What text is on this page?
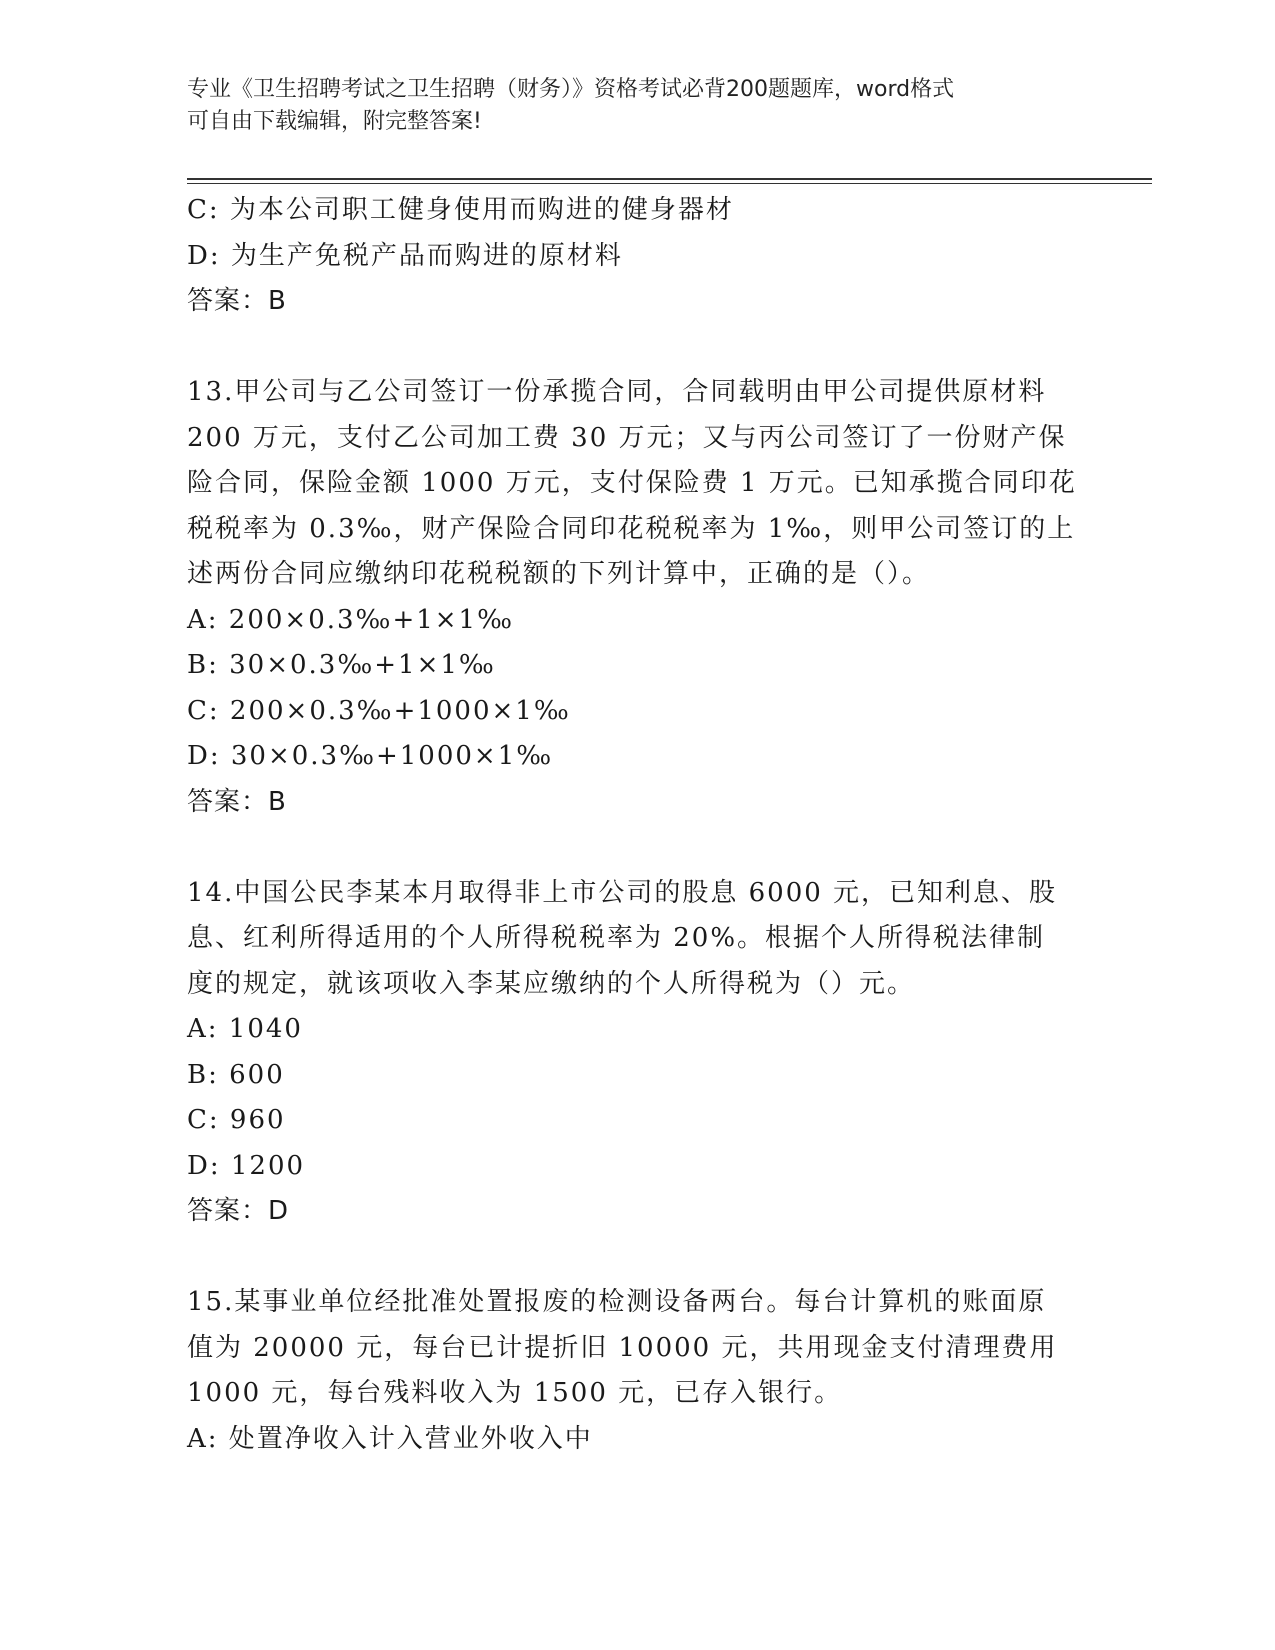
专业《卫生招聘考试之卫生招聘（财务）》资格考试必背200题题库，word格式
可自由下载编辑，附完整答案!
C: 为本公司职工健身使用而购进的健身器材
D: 为生产免税产品而购进的原材料
答案：B
13.甲公司与乙公司签订一份承揽合同，合同载明由甲公司提供原材料
200 万元，支付乙公司加工费 30 万元；又与丙公司签订了一份财产保
险合同，保险金额 1000 万元，支付保险费 1 万元。已知承揽合同印花
税税率为 0.3‰，财产保险合同印花税税率为 1‰，则甲公司签订的上
述两份合同应缴纳印花税税额的下列计算中，正确的是（）。
A: 200×0.3‰+1×1‰
B: 30×0.3‰+1×1‰
C: 200×0.3‰+1000×1‰
D: 30×0.3‰+1000×1‰
答案：B
14.中国公民李某本月取得非上市公司的股息 6000 元，已知利息、股
息、红利所得适用的个人所得税税率为 20%。根据个人所得税法律制
度的规定，就该项收入李某应缴纳的个人所得税为（）元。
A: 1040
B: 600
C: 960
D: 1200
答案：D
15.某事业单位经批准处置报废的检测设备两台。每台计算机的账面原
值为 20000 元，每台已计提折旧 10000 元，共用现金支付清理费用
1000 元，每台残料收入为 1500 元，已存入银行。
A: 处置净收入计入营业外收入中
